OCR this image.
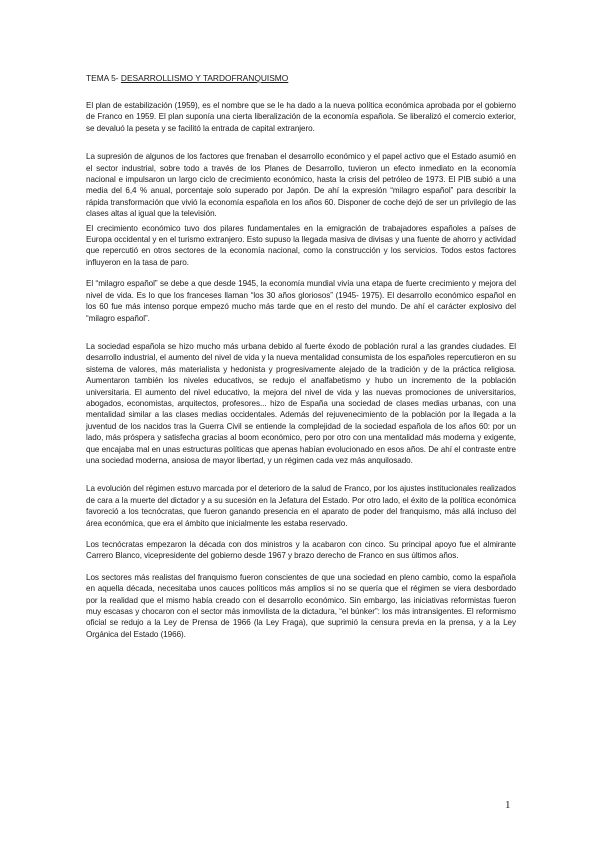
TEMA 5- DESARROLLISMO Y TARDOFRANQUISMO

El plan de estabilización (1959), es el nombre que se le ha dado a la nueva política económica aprobada por el gobierno de Franco en 1959. El plan suponía una cierta liberalización de la economía española. Se liberalizó el comercio exterior, se devaluó la peseta y se facilitó la entrada de capital extranjero.

La supresión de algunos de los factores que frenaban el desarrollo económico y el papel activo que el Estado asumió en el sector industrial, sobre todo a través de los Planes de Desarrollo, tuvieron un efecto inmediato en la economía nacional e impulsaron un largo ciclo de crecimiento económico, hasta la crisis del petróleo de 1973. El PIB subió a una media del 6,4 % anual, porcentaje solo superado por Japón. De ahí la expresión “milagro español” para describir la rápida transformación que vivió la economía española en los años 60. Disponer de coche dejó de ser un privilegio de las clases altas al igual que la televisión.

El crecimiento económico tuvo dos pilares fundamentales en la emigración de trabajadores españoles a países de Europa occidental y en el turismo extranjero. Esto supuso la llegada masiva de divisas y una fuente de ahorro y actividad que repercutió en otros sectores de la economía nacional, como la construcción y los servicios. Todos estos factores influyeron en la tasa de paro.

El “milagro español” se debe a que desde 1945, la economía mundial vivía una etapa de fuerte crecimiento y mejora del nivel de vida. Es lo que los franceses llaman “los 30 años gloriosos” (1945- 1975). El desarrollo económico español en los 60 fue más intenso porque empezó mucho más tarde que en el resto del mundo. De ahí el carácter explosivo del “milagro español”.

La sociedad española se hizo mucho más urbana debido al fuerte éxodo de población rural a las grandes ciudades. El desarrollo industrial, el aumento del nivel de vida y la nueva mentalidad consumista de los españoles repercutieron en su sistema de valores, más materialista y hedonista y progresivamente alejado de la tradición y de la práctica religiosa. Aumentaron también los niveles educativos, se redujo el analfabetismo y hubo un incremento de la población universitaria. El aumento del nivel educativo, la mejora del nivel de vida y las nuevas promociones de universitarios, abogados, economistas, arquitectos, profesores... hizo de España una sociedad de clases medias urbanas, con una mentalidad similar a las clases medias occidentales. Además del rejuvenecimiento de la población por la llegada a la juventud de los nacidos tras la Guerra Civil se entiende la complejidad de la sociedad española de los años 60: por un lado, más próspera y satisfecha gracias al boom económico, pero por otro con una mentalidad más moderna y exigente, que encajaba mal en unas estructuras políticas que apenas habían evolucionado en esos años. De ahí el contraste entre una sociedad moderna, ansiosa de mayor libertad, y un régimen cada vez más anquilosado.

La evolución del régimen estuvo marcada por el deterioro de la salud de Franco, por los ajustes institucionales realizados de cara a la muerte del dictador y a su sucesión en la Jefatura del Estado. Por otro lado, el éxito de la política económica favoreció a los tecnócratas, que fueron ganando presencia en el aparato de poder del franquismo, más allá incluso del área económica, que era el ámbito que inicialmente les estaba reservado.

Los tecnócratas empezaron la década con dos ministros y la acabaron con cinco. Su principal apoyo fue el almirante Carrero Blanco, vicepresidente del gobierno desde 1967 y brazo derecho de Franco en sus últimos años.

Los sectores más realistas del franquismo fueron conscientes de que una sociedad en pleno cambio, como la española en aquella década, necesitaba unos cauces políticos más amplios si no se quería que el régimen se viera desbordado por la realidad que el mismo había creado con el desarrollo económico. Sin embargo, las iniciativas reformistas fueron muy escasas y chocaron con el sector más inmovilista de la dictadura, “el búnker”: los más intransigentes. El reformismo oficial se redujo a la Ley de Prensa de 1966 (la Ley Fraga), que suprimió la censura previa en la prensa, y a la Ley Orgánica del Estado (1966).

1
